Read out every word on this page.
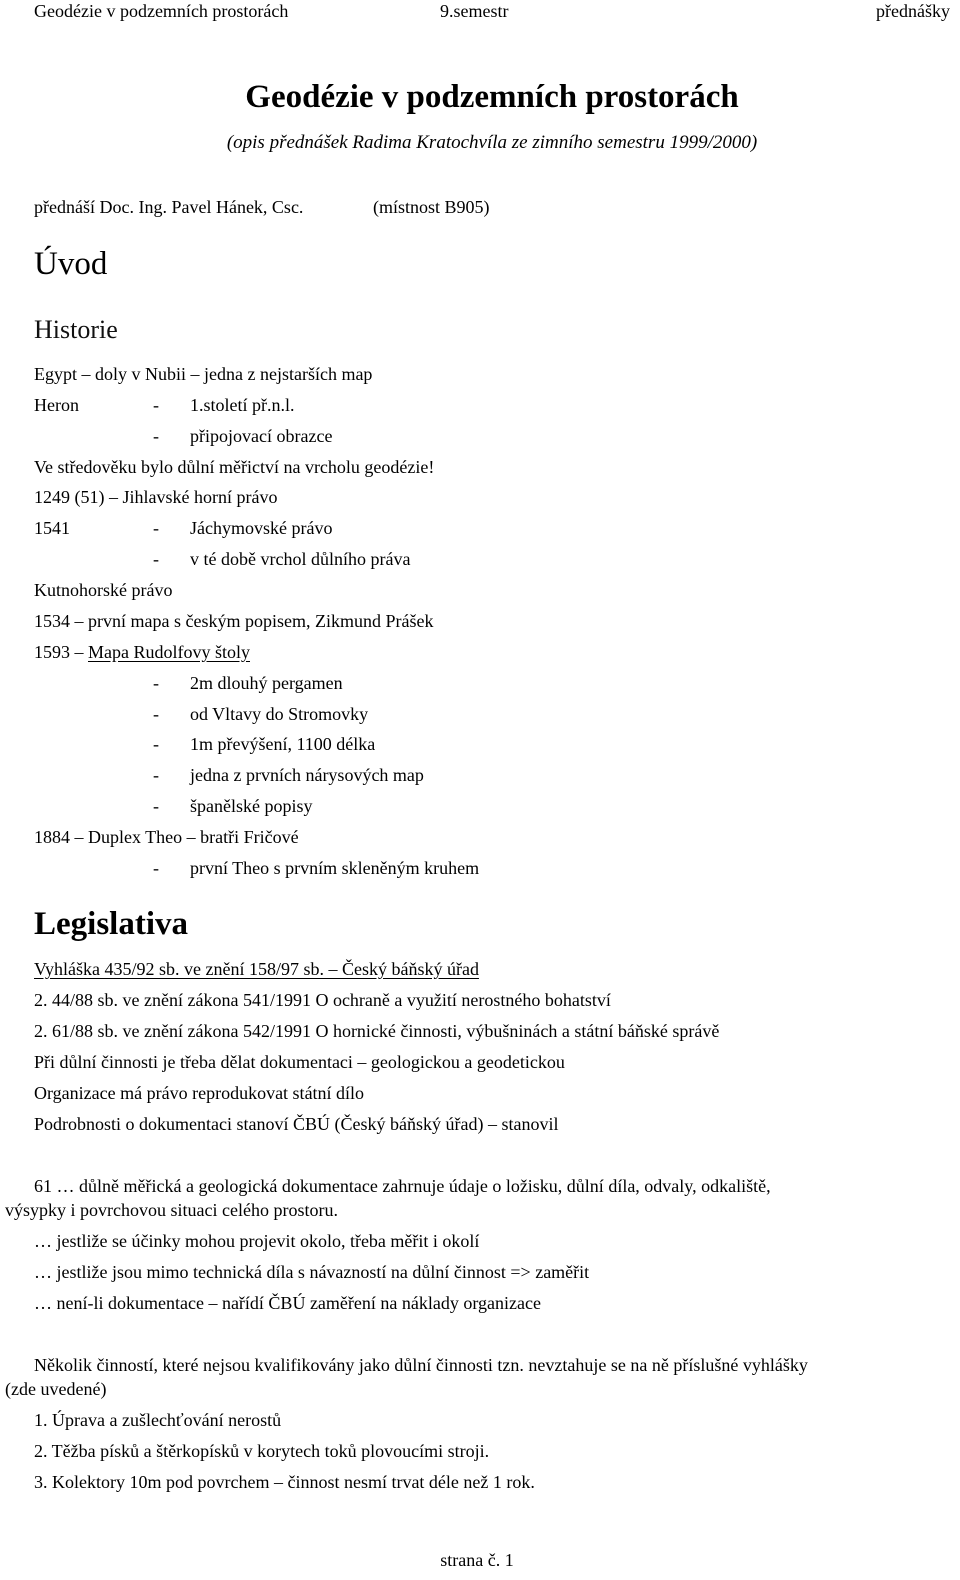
Geodézie v podzemních prostorách	9.semestr	přednášky
Geodézie v podzemních prostorách
(opis přednášek Radima Kratochvíla ze zimního semestru 1999/2000)
přednáší Doc. Ing. Pavel Hánek, Csc.	(místnost B905)
Úvod
Historie
Egypt – doly v Nubii – jedna z nejstarších map
Heron	- 1.století př.n.l.
- připojovací obrazce
Ve středověku bylo důlní měřictví na vrcholu geodézie!
1249 (51) – Jihlavské horní právo
1541	- Jáchymovské právo
- v té době vrchol důlního práva
Kutnohorské právo
1534 – první mapa s českým popisem, Zikmund Prášek
1593 – Mapa Rudolfovy štoly
- 2m dlouhý pergamen
- od Vltavy do Stromovky
- 1m převýšení, 1100 délka
- jedna z prvních nárysových map
- španělské popisy
1884 – Duplex Theo – bratři Fričové
- první Theo s prvním skleněným kruhem
Legislativa
Vyhláška 435/92 sb. ve znění 158/97 sb. – Český báňský úřad
2. 44/88 sb. ve znění zákona 541/1991 O ochraně a využití nerostného bohatství
2. 61/88 sb. ve znění zákona 542/1991 O hornické činnosti, výbušninách a státní báňské správě
Při důlní činnosti je třeba dělat dokumentaci – geologickou a geodetickou
Organizace má právo reprodukovat státní dílo
Podrobnosti o dokumentaci stanoví ČBÚ (Český báňský úřad) – stanovil
61 … důlně měřická a geologická dokumentace zahrnuje údaje o ložisku, důlní díla, odvaly, odkaliště,
výsypky i povrchovou situaci celého prostoru.
… jestliže se účinky mohou projevit okolo, třeba měřit i okolí
… jestliže jsou mimo technická díla s návazností na důlní činnost => zaměřit
… není-li dokumentace – nařídí ČBÚ zaměření na náklady organizace
Několik činností, které nejsou kvalifikovány jako důlní činnosti tzn. nevztahuje se na ně příslušné vyhlášky
(zde uvedené)
1. Úprava a zušlechťování nerostů
2. Těžba písků a štěrkopísků v korytech toků plovoucími stroji.
3. Kolektory 10m pod povrchem – činnost nesmí trvat déle než 1 rok.
strana č. 1
